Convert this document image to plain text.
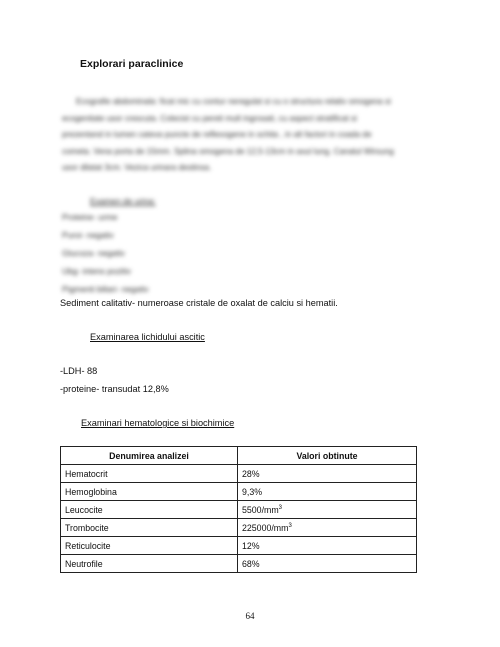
Explorari paraclinice
Ecografie abdominala: ficat mic cu contur neregulat si cu o structura relativ omogena si
ecogenitate usor crescuta. Colecist cu pereti mult ingrosati, cu aspect stratificat si
prezentand in lumen cateva puncte de reflexogene in schita , in alt factori in coada de
cometa. Vena porta de 15mm. Splina omogena de 12,5-13cm in axul lung. Canalul Wirsung
usor dilatat 3cm. Vezica urinara destinsa.
Examen de urina:
Proteine- urme
Puroi- negativ
Glucoza- negativ
Ubg- intens pozitiv
Pigmenti biliari- negativ
Sediment calitativ- numeroase cristale de oxalat de calciu si hematii.
Examinarea lichidului ascitic
-LDH- 88
-proteine- transudat 12,8%
Examinari hematologice si biochimice
Denumirea analizei	Valori obtinute
Hematocrit	28%
Hemoglobina	9,3%
Leucocite	$5500/mm^3$
Trombocite	$225000/mm^3$
Reticulocite	12%
Neutrofile	68%
64
